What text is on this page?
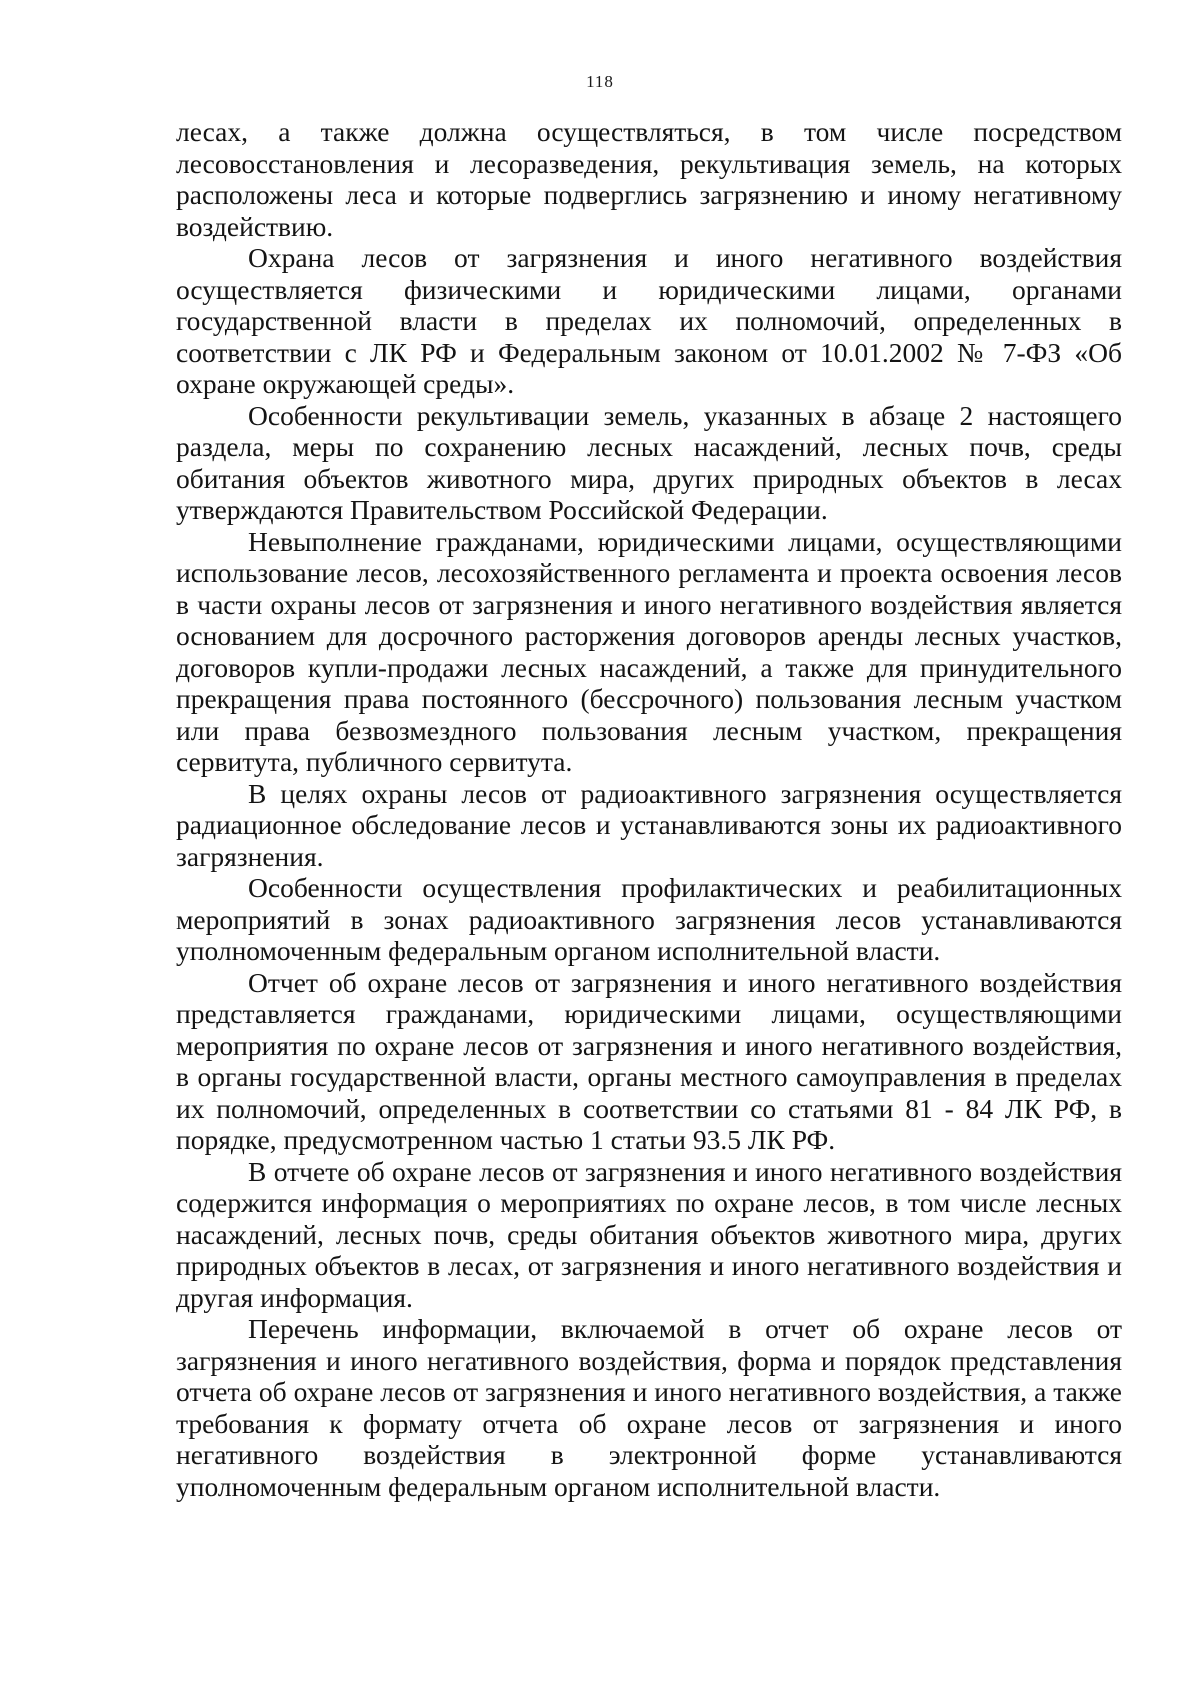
118

лесах, а также должна осуществляться, в том числе посредством лесовосстановления и лесоразведения, рекультивация земель, на которых расположены леса и которые подверглись загрязнению и иному негативному воздействию.

Охрана лесов от загрязнения и иного негативного воздействия осуществляется физическими и юридическими лицами, органами государственной власти в пределах их полномочий, определенных в соответствии с ЛК РФ и Федеральным законом от 10.01.2002 № 7-ФЗ «Об охране окружающей среды».

Особенности рекультивации земель, указанных в абзаце 2 настоящего раздела, меры по сохранению лесных насаждений, лесных почв, среды обитания объектов животного мира, других природных объектов в лесах утверждаются Правительством Российской Федерации.

Невыполнение гражданами, юридическими лицами, осуществляющими использование лесов, лесохозяйственного регламента и проекта освоения лесов в части охраны лесов от загрязнения и иного негативного воздействия является основанием для досрочного расторжения договоров аренды лесных участков, договоров купли-продажи лесных насаждений, а также для принудительного прекращения права постоянного (бессрочного) пользования лесным участком или права безвозмездного пользования лесным участком, прекращения сервитута, публичного сервитута.

В целях охраны лесов от радиоактивного загрязнения осуществляется радиационное обследование лесов и устанавливаются зоны их радиоактивного загрязнения.

Особенности осуществления профилактических и реабилитационных мероприятий в зонах радиоактивного загрязнения лесов устанавливаются уполномоченным федеральным органом исполнительной власти.

Отчет об охране лесов от загрязнения и иного негативного воздействия представляется гражданами, юридическими лицами, осуществляющими мероприятия по охране лесов от загрязнения и иного негативного воздействия, в органы государственной власти, органы местного самоуправления в пределах их полномочий, определенных в соответствии со статьями 81 - 84 ЛК РФ, в порядке, предусмотренном частью 1 статьи 93.5 ЛК РФ.

В отчете об охране лесов от загрязнения и иного негативного воздействия содержится информация о мероприятиях по охране лесов, в том числе лесных насаждений, лесных почв, среды обитания объектов животного мира, других природных объектов в лесах, от загрязнения и иного негативного воздействия и другая информация.

Перечень информации, включаемой в отчет об охране лесов от загрязнения и иного негативного воздействия, форма и порядок представления отчета об охране лесов от загрязнения и иного негативного воздействия, а также требования к формату отчета об охране лесов от загрязнения и иного негативного воздействия в электронной форме устанавливаются уполномоченным федеральным органом исполнительной власти.
